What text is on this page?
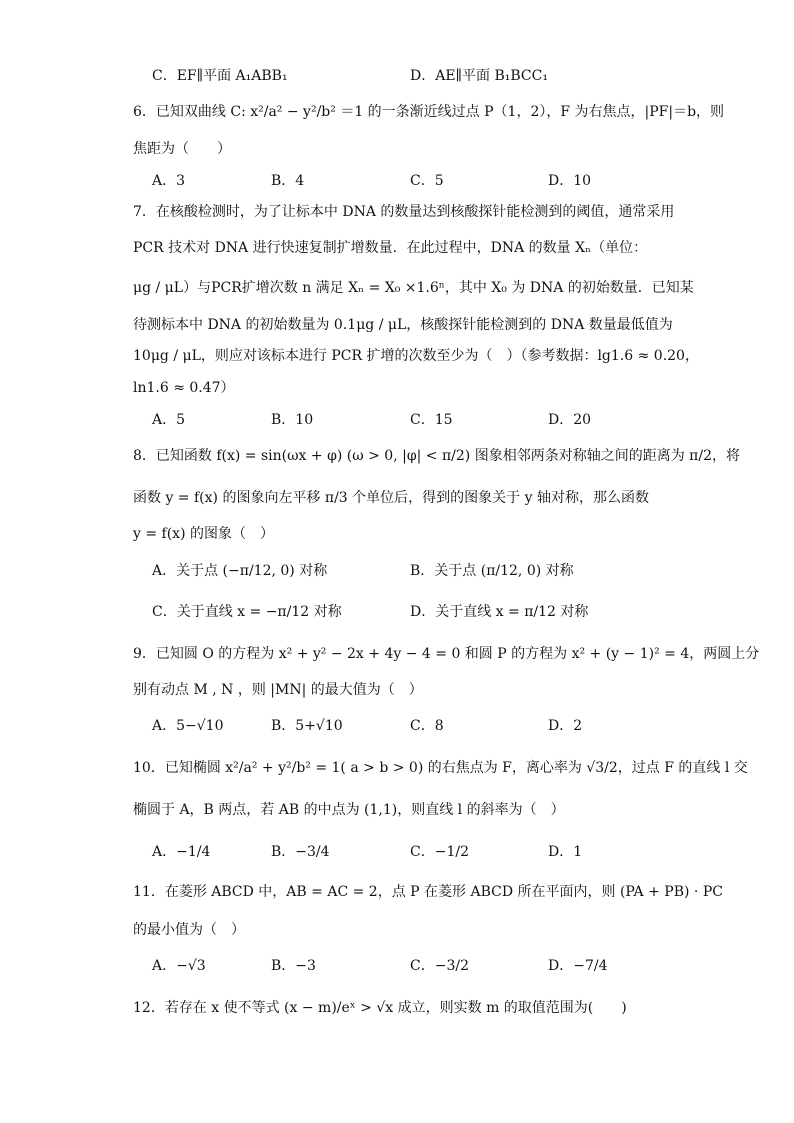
C．EF∥平面 A₁ABB₁	D．AE∥平面 B₁BCC₁
6．已知双曲线 C: x²/a² − y²/b² ＝1 的一条渐近线过点 P（1，2），F 为右焦点，|PF|＝b，则
焦距为（　　）
A．3	B．4	C．5	D．10
7．在核酸检测时，为了让标本中 DNA 的数量达到核酸探针能检测到的阈值，通常采用
PCR 技术对 DNA 进行快速复制扩增数量．在此过程中，DNA 的数量 Xₙ（单位：
μg / μL）与PCR扩增次数 n 满足 Xₙ = X₀ ×1.6ⁿ，其中 X₀ 为 DNA 的初始数量．已知某
待测标本中 DNA 的初始数量为 0.1μg / μL，核酸探针能检测到的 DNA 数量最低值为
10μg / μL，则应对该标本进行 PCR 扩增的次数至少为（　）（参考数据：lg1.6 ≈ 0.20，
ln1.6 ≈ 0.47）
A．5	B．10	C．15	D．20
8．已知函数 f(x) = sin(ωx + φ) (ω > 0, |φ| < π/2) 图象相邻两条对称轴之间的距离为 π/2，将
函数 y = f(x) 的图象向左平移 π/3 个单位后，得到的图象关于 y 轴对称，那么函数
y = f(x) 的图象（　）
A．关于点 (−π/12, 0) 对称	B．关于点 (π/12, 0) 对称
C．关于直线 x = −π/12 对称	D．关于直线 x = π/12 对称
9．已知圆 O 的方程为 x² + y² − 2x + 4y − 4 = 0 和圆 P 的方程为 x² + (y − 1)² = 4，两圆上分
别有动点 M , N ，则 |MN| 的最大值为（　）
A．5−√10	B．5+√10	C．8	D．2
10．已知椭圆 x²/a² + y²/b² = 1( a > b > 0) 的右焦点为 F，离心率为 √3/2，过点 F 的直线 l 交
椭圆于 A，B 两点，若 AB 的中点为 (1,1)，则直线 l 的斜率为（　）
A．−1/4	B．−3/4	C．−1/2	D．1
11．在菱形 ABCD 中，AB = AC = 2，点 P 在菱形 ABCD 所在平面内，则 (PA + PB) · PC
的最小值为（　）
A．−√3	B．−3	C．−3/2	D．−7/4
12．若存在 x 使不等式 (x − m)/eˣ > √x 成立，则实数 m 的取值范围为(　　)
